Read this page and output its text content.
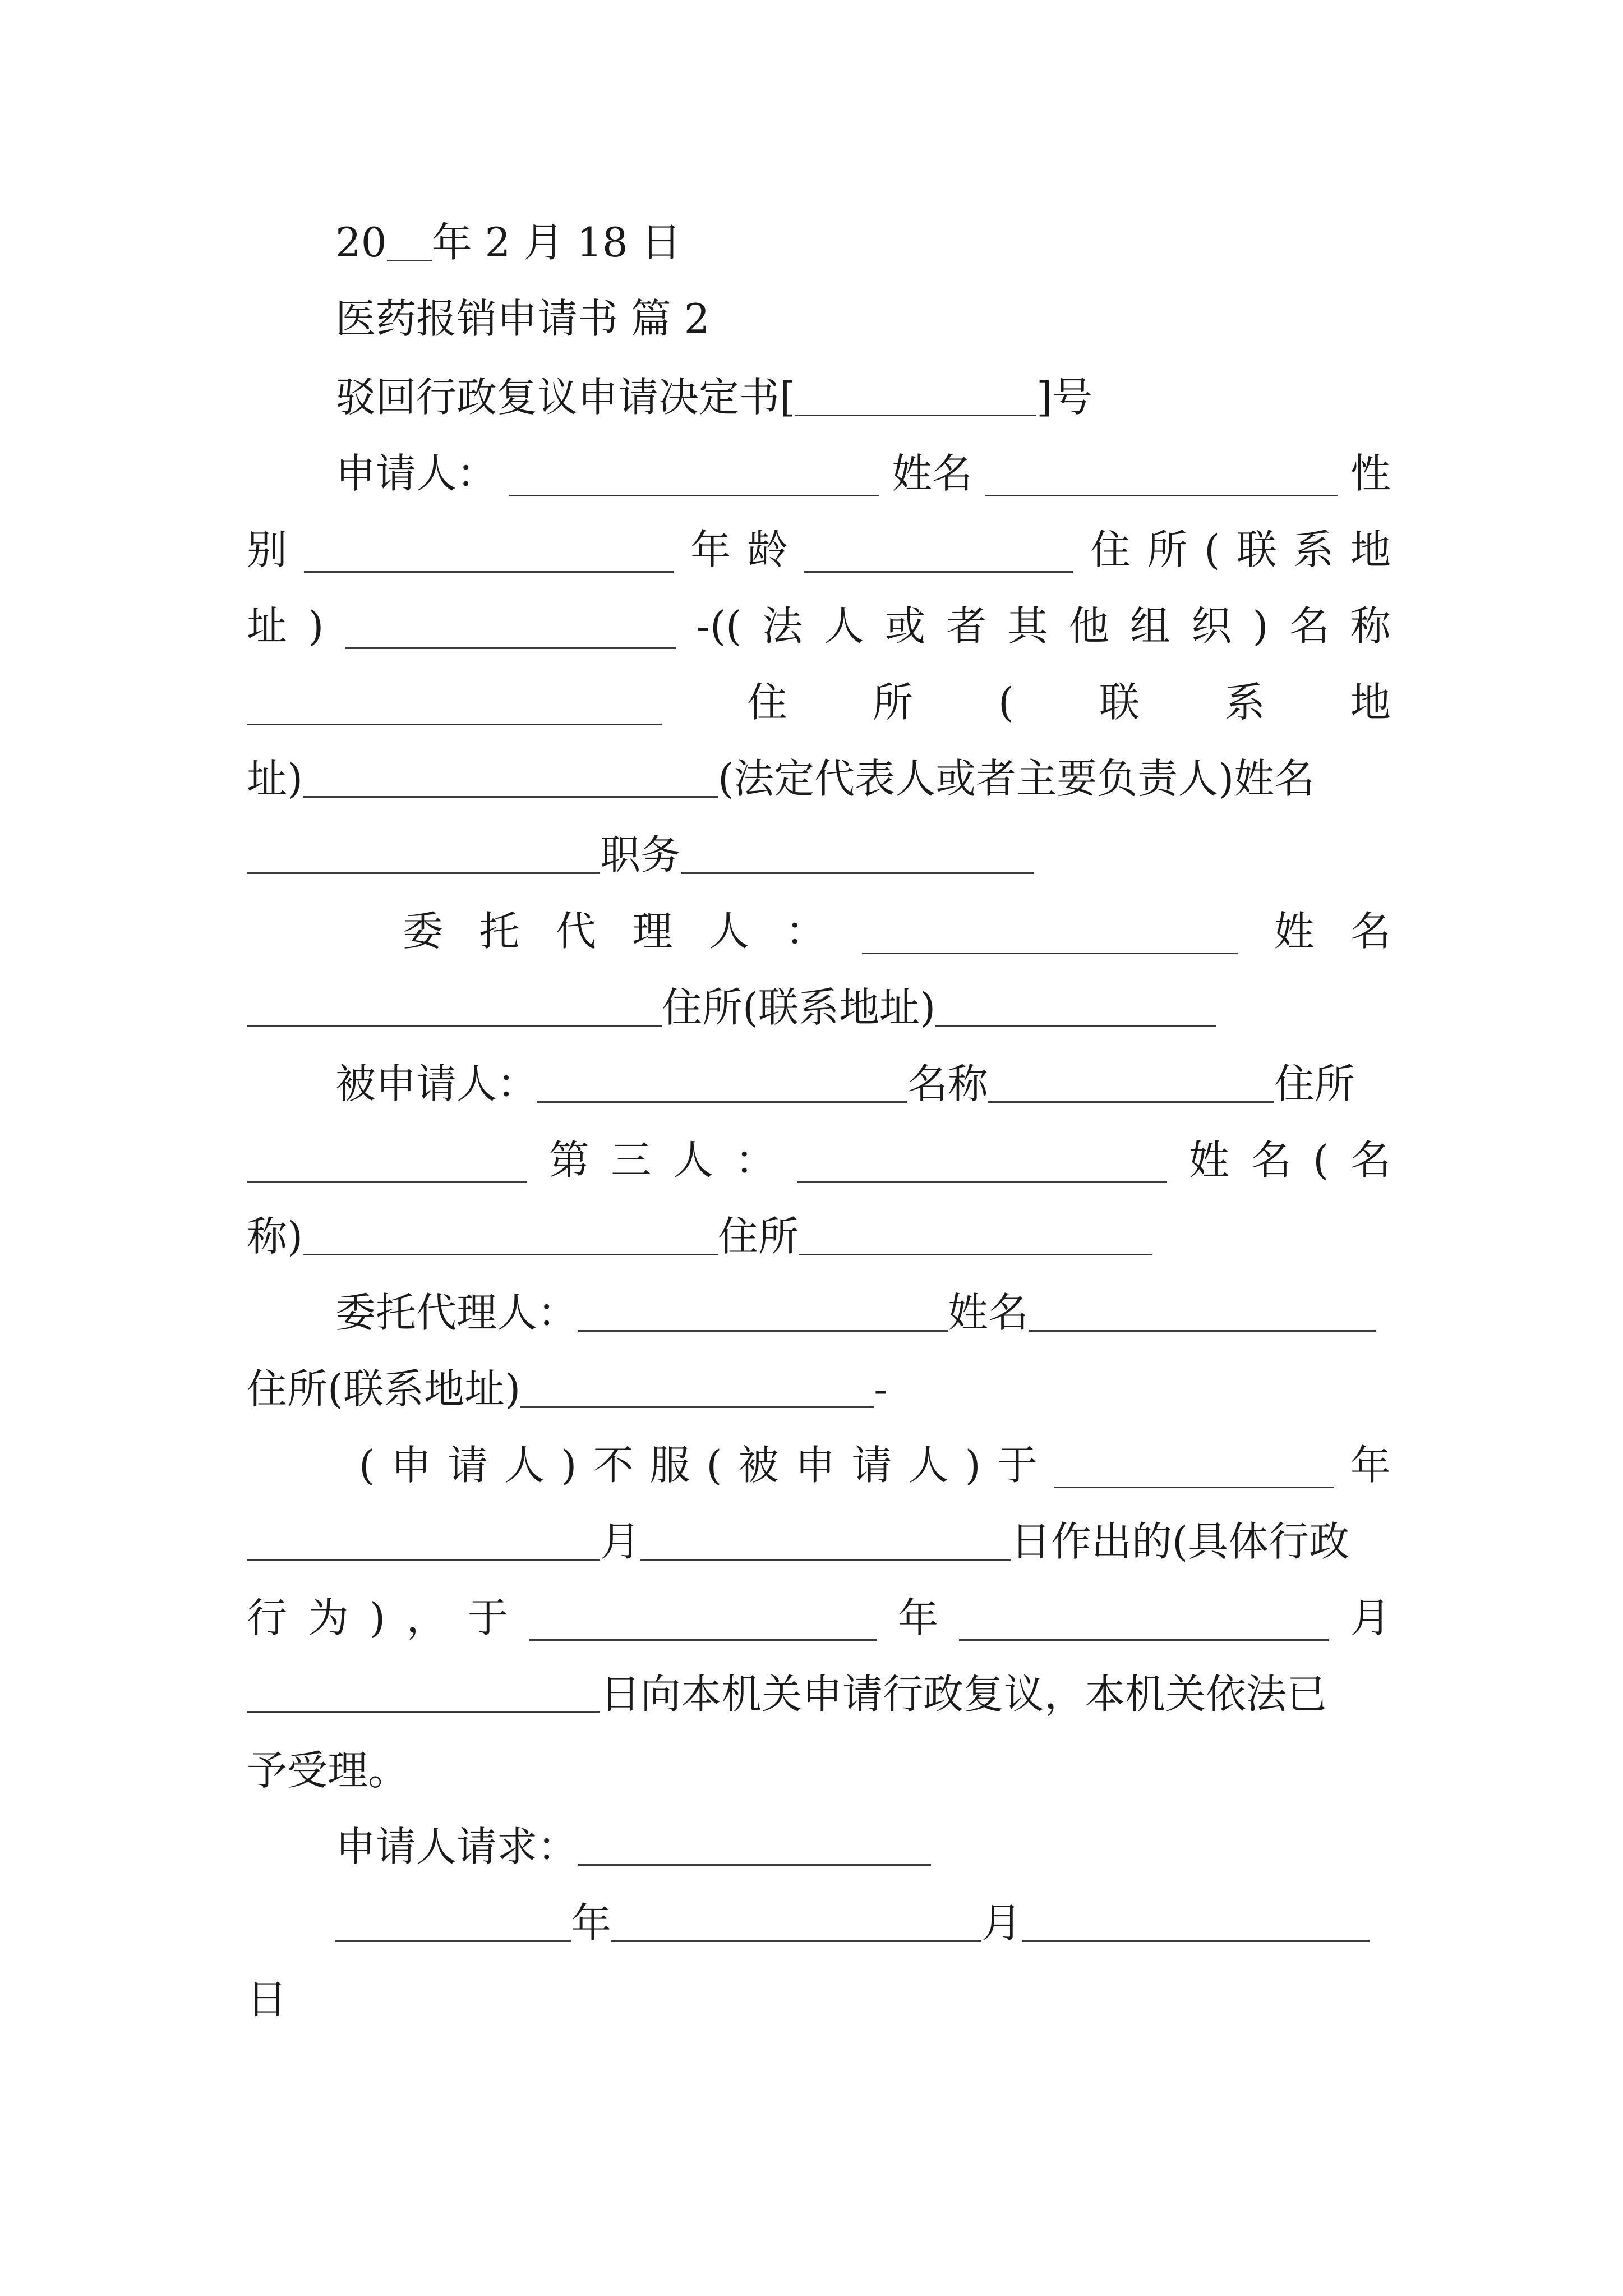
20 年 2 月 18 日
医药报销申请书 篇 2
驳回行政复议申请决定书[	]号
申请人：	姓名	性
别	年 龄	住 所 ( 联 系 地
址 )	-(( 法 人 或 者 其 他 组 织 ) 名 称
住 所 ( 联 系 地
址)	(法定代表人或者主要负责人)姓名
职务
委 托 代 理 人 ：	姓 名
住所(联系地址)
被申请人：	名称	住所
第 三 人 ：	姓 名 ( 名
称)	住所
委托代理人：	姓名
住所(联系地址)	-
( 申 请 人 ) 不 服 ( 被 申 请 人 ) 于	年
月	日作出的(具体行政
行 为 ) ， 于	年	月
日向本机关申请行政复议，本机关依法已
予受理。
申请人请求：
年	月
日
